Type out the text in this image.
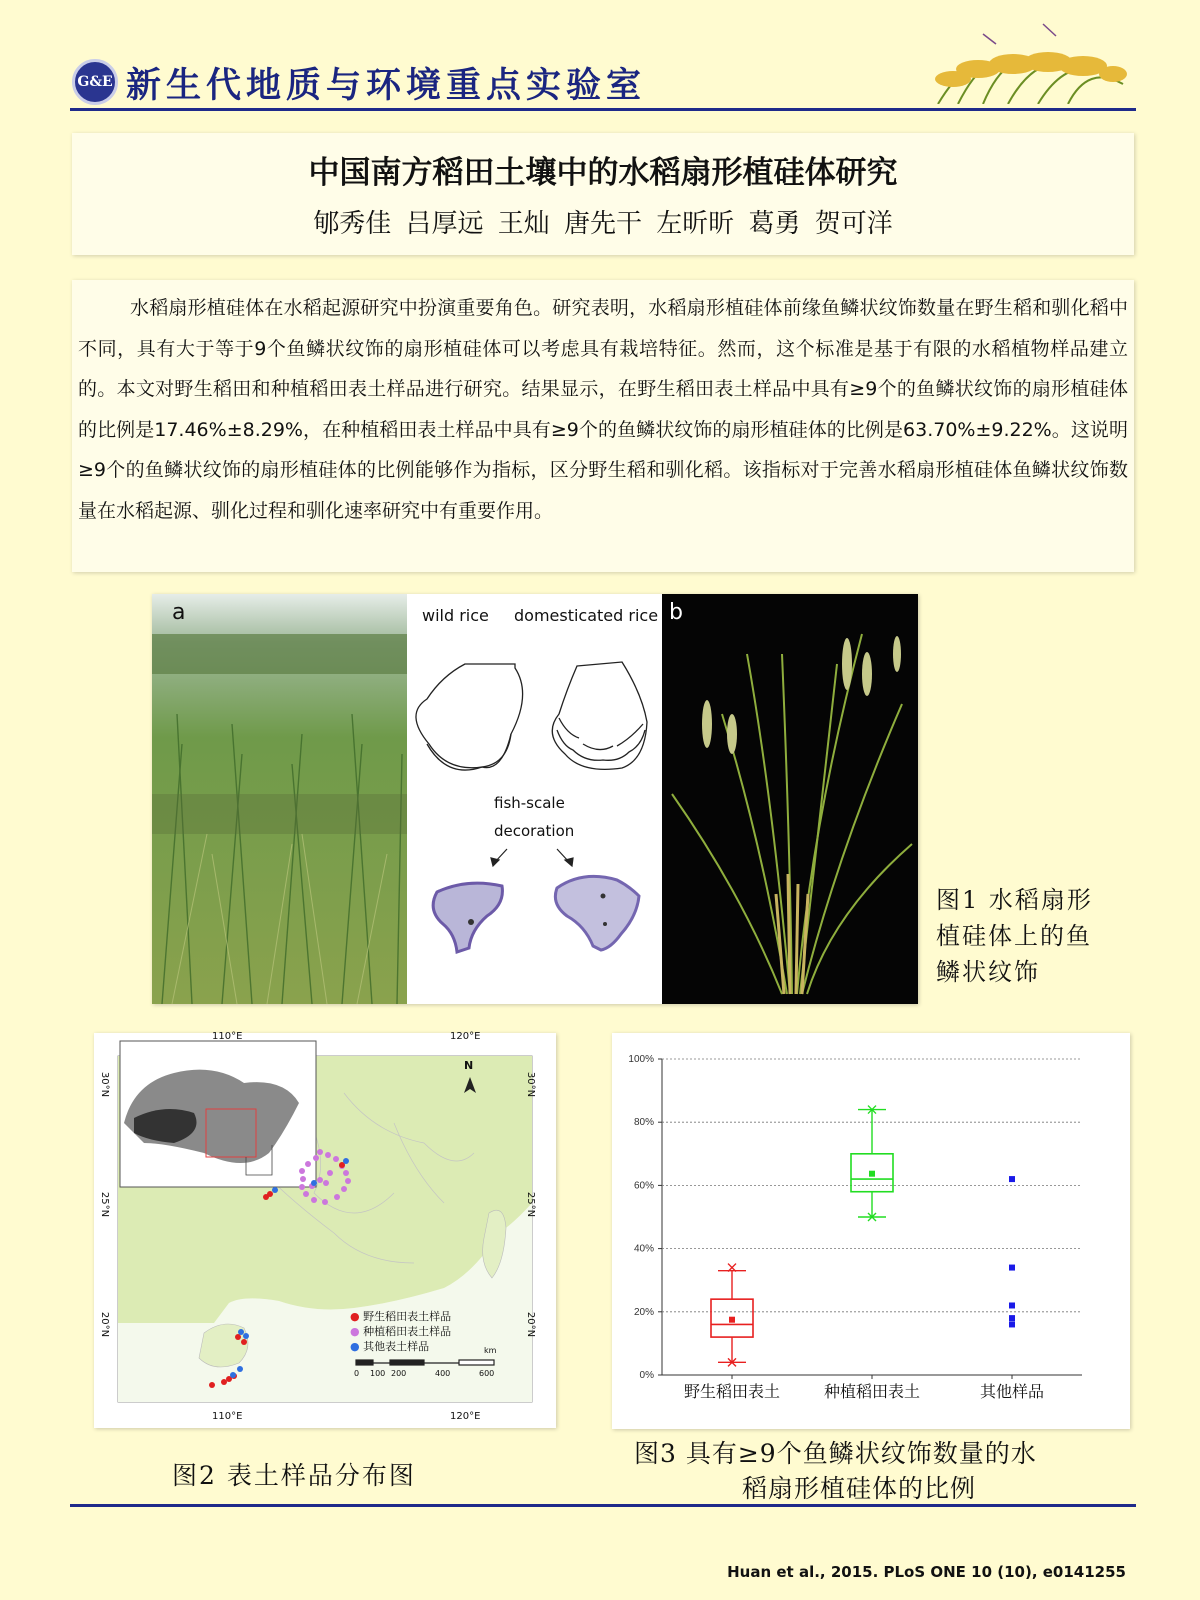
G&E 新生代地质与环境重点实验室
中国南方稻田土壤中的水稻扇形植硅体研究
郇秀佳 吕厚远 王灿 唐先干 左昕昕 葛勇 贺可洋
水稻扇形植硅体在水稻起源研究中扮演重要角色。研究表明，水稻扇形植硅体前缘鱼鳞状纹饰数量在野生稻和驯化稻中不同，具有大于等于9个鱼鳞状纹饰的扇形植硅体可以考虑具有栽培特征。然而，这个标准是基于有限的水稻植物样品建立的。本文对野生稻田和种植稻田表土样品进行研究。结果显示，在野生稻田表土样品中具有≥9个的鱼鳞状纹饰的扇形植硅体的比例是17.46%±8.29%，在种植稻田表土样品中具有≥9个的鱼鳞状纹饰的扇形植硅体的比例是63.70%±9.22%。这说明≥9个的鱼鳞状纹饰的扇形植硅体的比例能够作为指标，区分野生稻和驯化稻。该指标对于完善水稻扇形植硅体鱼鳞状纹饰数量在水稻起源、驯化过程和驯化速率研究中有重要作用。
a	wild rice domesticated rice
fish-scale
decoration
b
图1 水稻扇形
植硅体上的鱼
鳞状纹饰
110°E	120°E
110°E	120°E
30°N
25°N
20°N
30°N
25°N
20°N
N
● 野生稻田表土样品
● 种植稻田表土样品
● 其他表土样品	km
0 100 200	400	600
图2 表土样品分布图
0%
20%
40%
60%
80%
100%
野生稻田表土	种植稻田表土	其他样品
图3 具有≥9个鱼鳞状纹饰数量的水
稻扇形植硅体的比例
Huan et al., 2015. PLoS ONE 10 (10), e0141255
